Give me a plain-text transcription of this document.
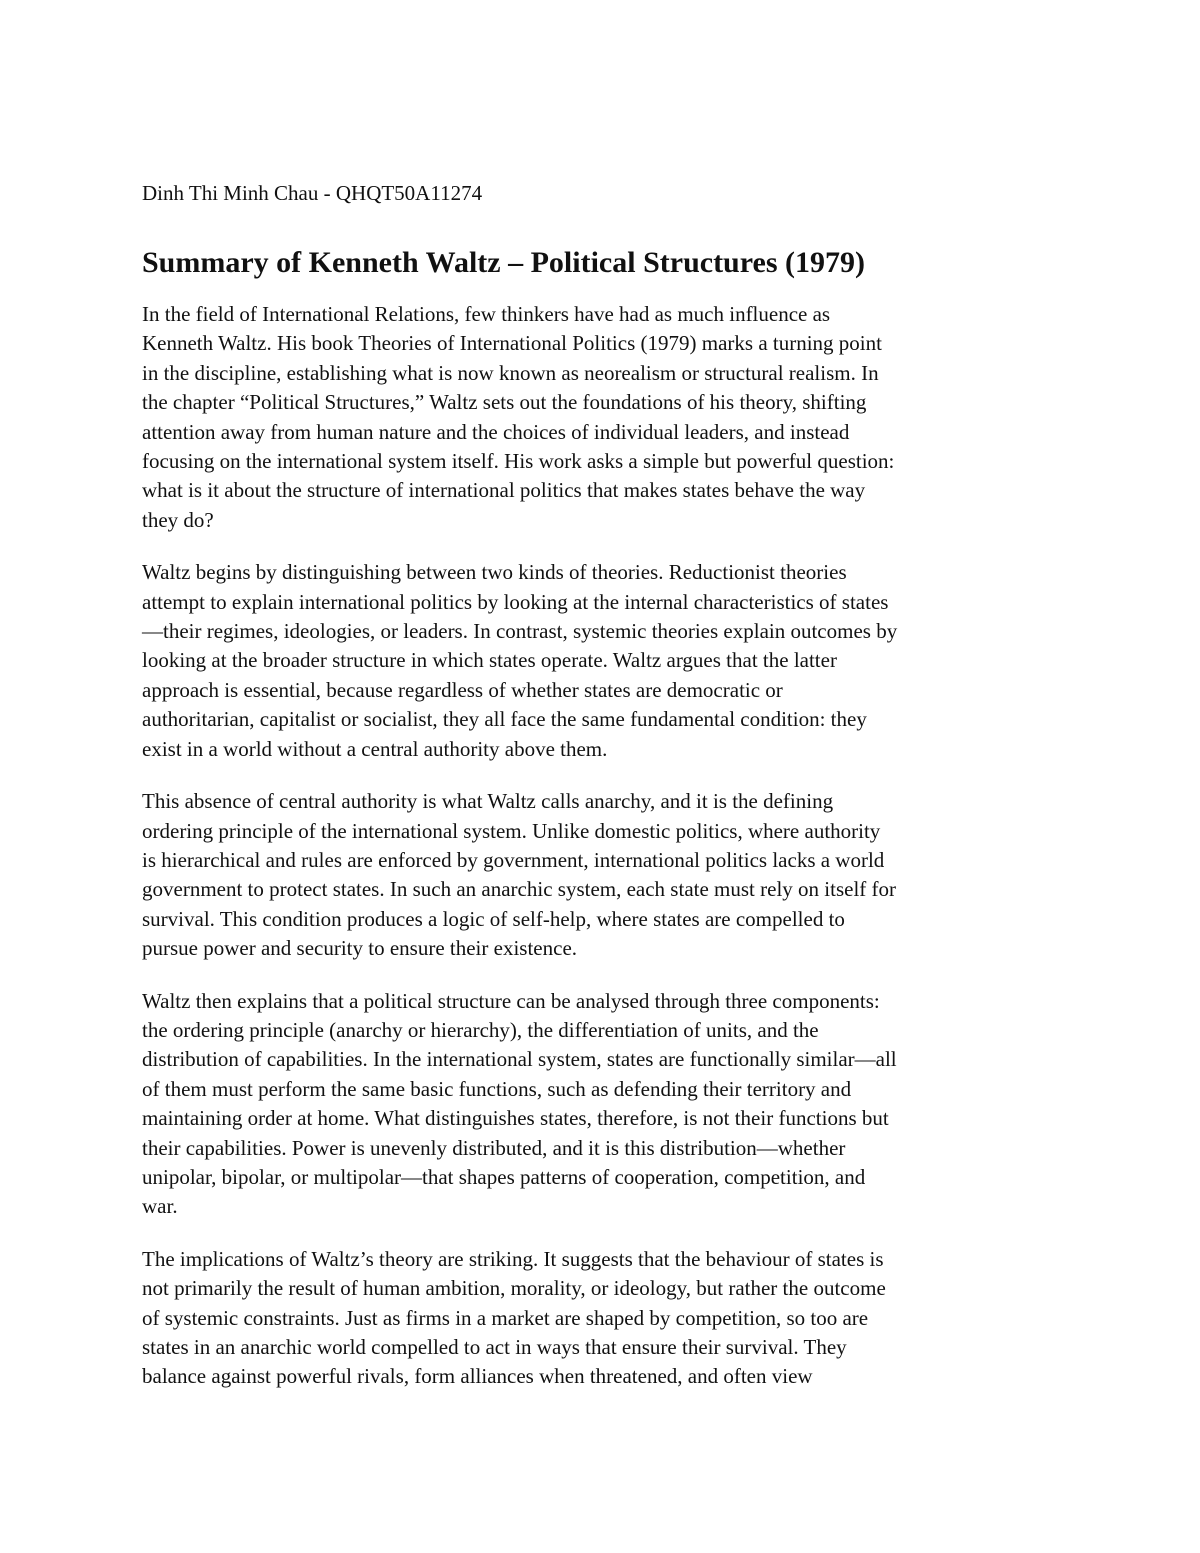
Dinh Thi Minh Chau - QHQT50A11274
Summary of Kenneth Waltz – Political Structures (1979)
In the field of International Relations, few thinkers have had as much influence as
Kenneth Waltz. His book Theories of International Politics (1979) marks a turning point
in the discipline, establishing what is now known as neorealism or structural realism. In
the chapter “Political Structures,” Waltz sets out the foundations of his theory, shifting
attention away from human nature and the choices of individual leaders, and instead
focusing on the international system itself. His work asks a simple but powerful question:
what is it about the structure of international politics that makes states behave the way
they do?
Waltz begins by distinguishing between two kinds of theories. Reductionist theories
attempt to explain international politics by looking at the internal characteristics of states
—their regimes, ideologies, or leaders. In contrast, systemic theories explain outcomes by
looking at the broader structure in which states operate. Waltz argues that the latter
approach is essential, because regardless of whether states are democratic or
authoritarian, capitalist or socialist, they all face the same fundamental condition: they
exist in a world without a central authority above them.
This absence of central authority is what Waltz calls anarchy, and it is the defining
ordering principle of the international system. Unlike domestic politics, where authority
is hierarchical and rules are enforced by government, international politics lacks a world
government to protect states. In such an anarchic system, each state must rely on itself for
survival. This condition produces a logic of self-help, where states are compelled to
pursue power and security to ensure their existence.
Waltz then explains that a political structure can be analysed through three components:
the ordering principle (anarchy or hierarchy), the differentiation of units, and the
distribution of capabilities. In the international system, states are functionally similar—all
of them must perform the same basic functions, such as defending their territory and
maintaining order at home. What distinguishes states, therefore, is not their functions but
their capabilities. Power is unevenly distributed, and it is this distribution—whether
unipolar, bipolar, or multipolar—that shapes patterns of cooperation, competition, and
war.
The implications of Waltz’s theory are striking. It suggests that the behaviour of states is
not primarily the result of human ambition, morality, or ideology, but rather the outcome
of systemic constraints. Just as firms in a market are shaped by competition, so too are
states in an anarchic world compelled to act in ways that ensure their survival. They
balance against powerful rivals, form alliances when threatened, and often view
